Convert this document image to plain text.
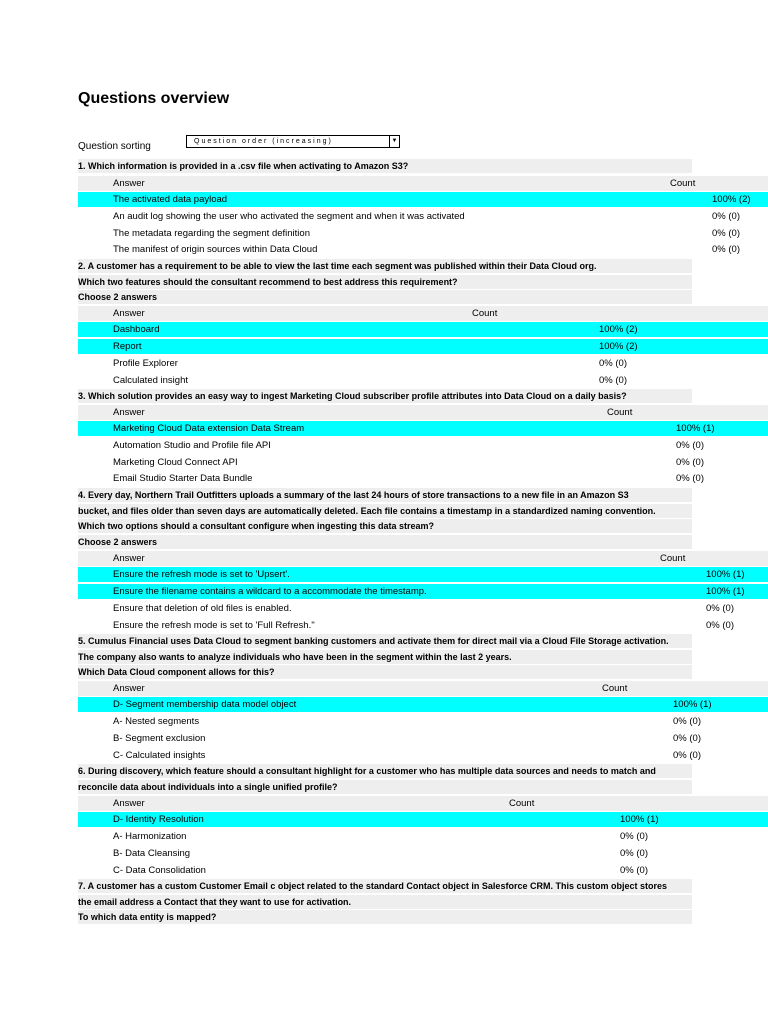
Questions overview
Question sorting	Question order (increasing)	▼
1. Which information is provided in a .csv file when activating to Amazon S3?
Answer	Count
The activated data payload	100% (2)
An audit log showing the user who activated the segment and when it was activated	0% (0)
The metadata regarding the segment definition	0% (0)
The manifest of origin sources within Data Cloud	0% (0)
2. A customer has a requirement to be able to view the last time each segment was published within their Data Cloud org.
Which two features should the consultant recommend to best address this requirement?
Choose 2 answers
Answer	Count
Dashboard	100% (2)
Report	100% (2)
Profile Explorer	0% (0)
Calculated insight	0% (0)
3. Which solution provides an easy way to ingest Marketing Cloud subscriber profile attributes into Data Cloud on a daily basis?
Answer	Count
Marketing Cloud Data extension Data Stream	100% (1)
Automation Studio and Profile file API	0% (0)
Marketing Cloud Connect API	0% (0)
Email Studio Starter Data Bundle	0% (0)
4. Every day, Northern Trail Outfitters uploads a summary of the last 24 hours of store transactions to a new file in an Amazon S3
bucket, and files older than seven days are automatically deleted. Each file contains a timestamp in a standardized naming convention.
Which two options should a consultant configure when ingesting this data stream?
Choose 2 answers
Answer	Count
Ensure the refresh mode is set to 'Upsert'.	100% (1)
Ensure the filename contains a wildcard to a accommodate the timestamp.	100% (1)
Ensure that deletion of old files is enabled.	0% (0)
Ensure the refresh mode is set to 'Full Refresh.''	0% (0)
5. Cumulus Financial uses Data Cloud to segment banking customers and activate them for direct mail via a Cloud File Storage activation.
The company also wants to analyze individuals who have been in the segment within the last 2 years.
Which Data Cloud component allows for this?
Answer	Count
D- Segment membership data model object	100% (1)
A- Nested segments	0% (0)
B- Segment exclusion	0% (0)
C- Calculated insights	0% (0)
6. During discovery, which feature should a consultant highlight for a customer who has multiple data sources and needs to match and
reconcile data about individuals into a single unified profile?
Answer	Count
D- Identity Resolution	100% (1)
A- Harmonization	0% (0)
B- Data Cleansing	0% (0)
C- Data Consolidation	0% (0)
7. A customer has a custom Customer Email c object related to the standard Contact object in Salesforce CRM. This custom object stores
the email address a Contact that they want to use for activation.
To which data entity is mapped?
